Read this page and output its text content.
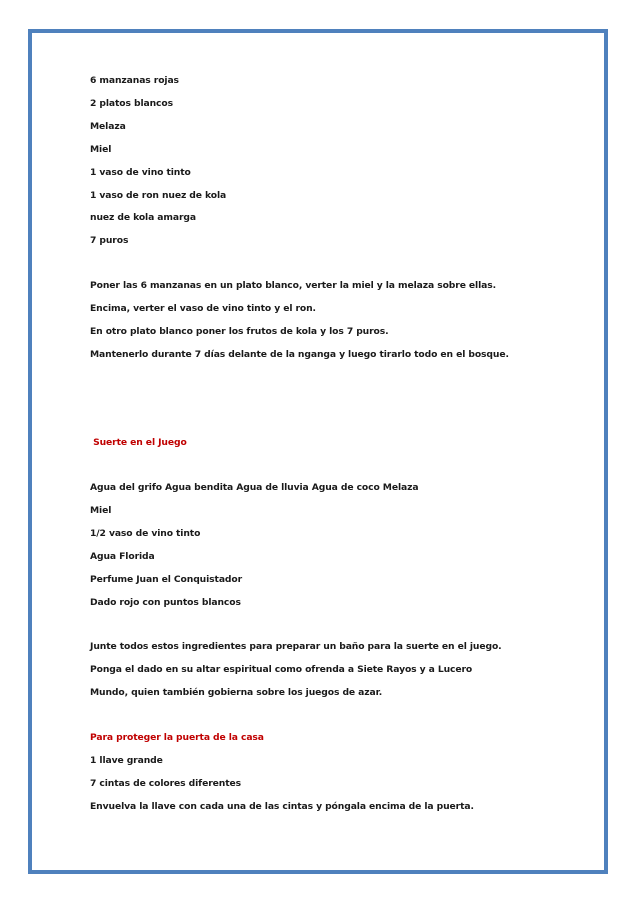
6 manzanas rojas

2 platos blancos

Melaza

Miel

1 vaso de vino tinto

1 vaso de ron nuez de kola

nuez de kola amarga

7 puros

Poner las 6 manzanas en un plato blanco, verter la miel y la melaza sobre ellas.

Encima, verter el vaso de vino tinto y el ron.

En otro plato blanco poner los frutos de kola y los 7 puros.

Mantenerlo durante 7 días delante de la nganga y luego tirarlo todo en el bosque.

Suerte en el Juego

Agua del grifo Agua bendita Agua de lluvia Agua de coco Melaza

Miel

1/2 vaso de vino tinto

Agua Florida

Perfume Juan el Conquistador

Dado rojo con puntos blancos

Junte todos estos ingredientes para preparar un baño para la suerte en el juego.

Ponga el dado en su altar espiritual como ofrenda a Siete Rayos y a Lucero

Mundo, quien también gobierna sobre los juegos de azar.

Para proteger la puerta de la casa

1 llave grande

7 cintas de colores diferentes

Envuelva la llave con cada una de las cintas y póngala encima de la puerta.
